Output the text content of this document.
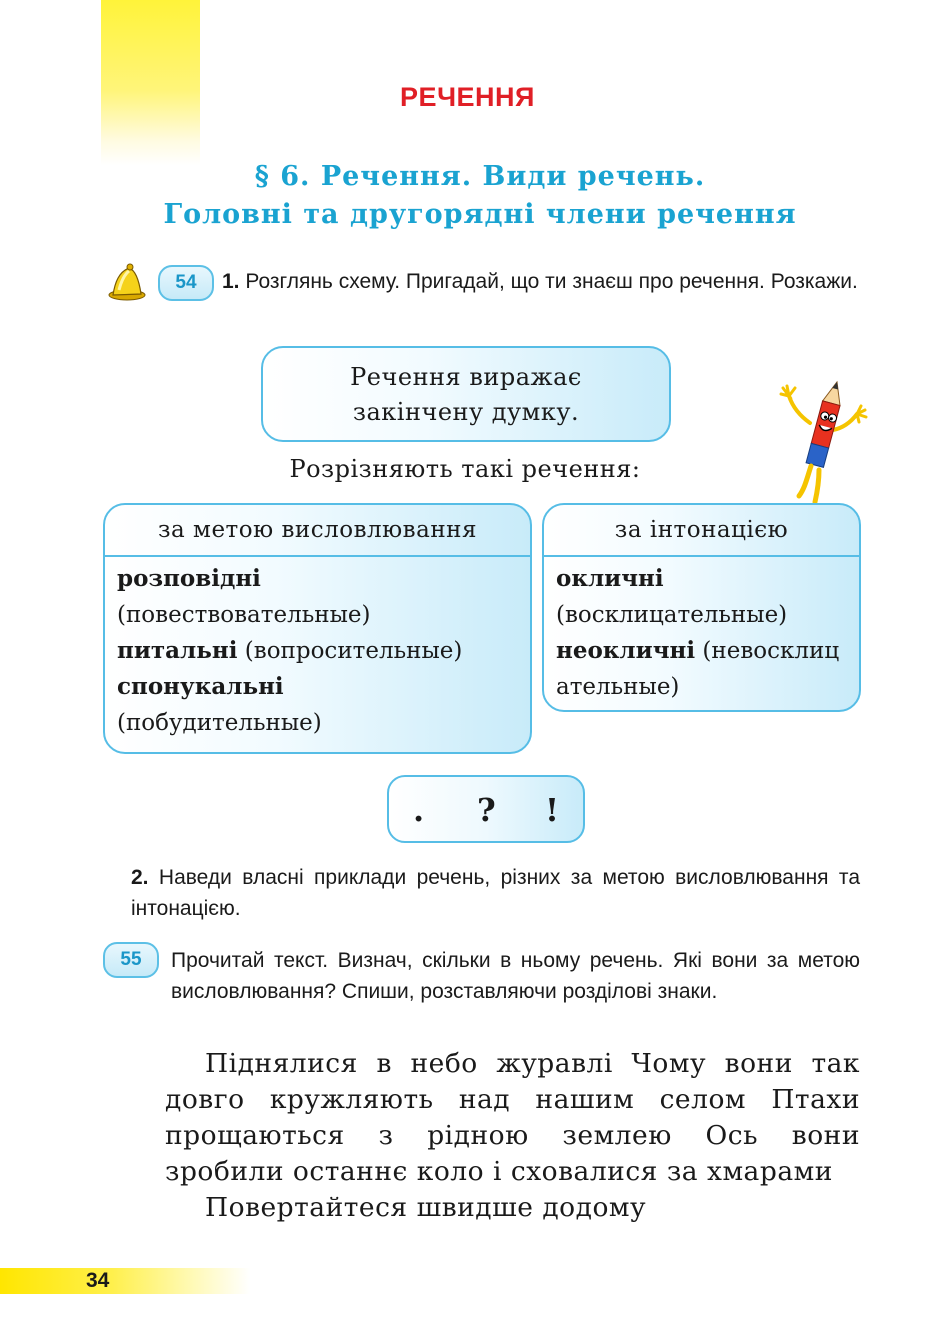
РЕЧЕННЯ
§ 6. Речення. Види речень.
Головні та другорядні члени речення
54	1. Розглянь схему. Пригадай, що ти знаєш про речення. Розкажи.
Речення виражає
закінчену думку.
Розрізняють такі речення:
за метою висловлювання
розповідні
(повествовательные)
питальні (вопросительные)
спонукальні
(побудительные)
за інтонацією
окличні
(восклицательные)
неокличні (невосклицательные)
. ? !
2. Наведи власні приклади речень, різних за метою висловлювання та інтонацією.
55	Прочитай текст. Визнач, скільки в ньому речень. Які вони за метою висловлювання? Спиши, розставляючи розділові знаки.

Піднялися в небо журавлі Чому вони так довго кружляють над нашим селом Птахи прощаються з рідною землею Ось вони зробили останнє коло і сховалися за хмарами

Повертайтеся швидше додому

34
